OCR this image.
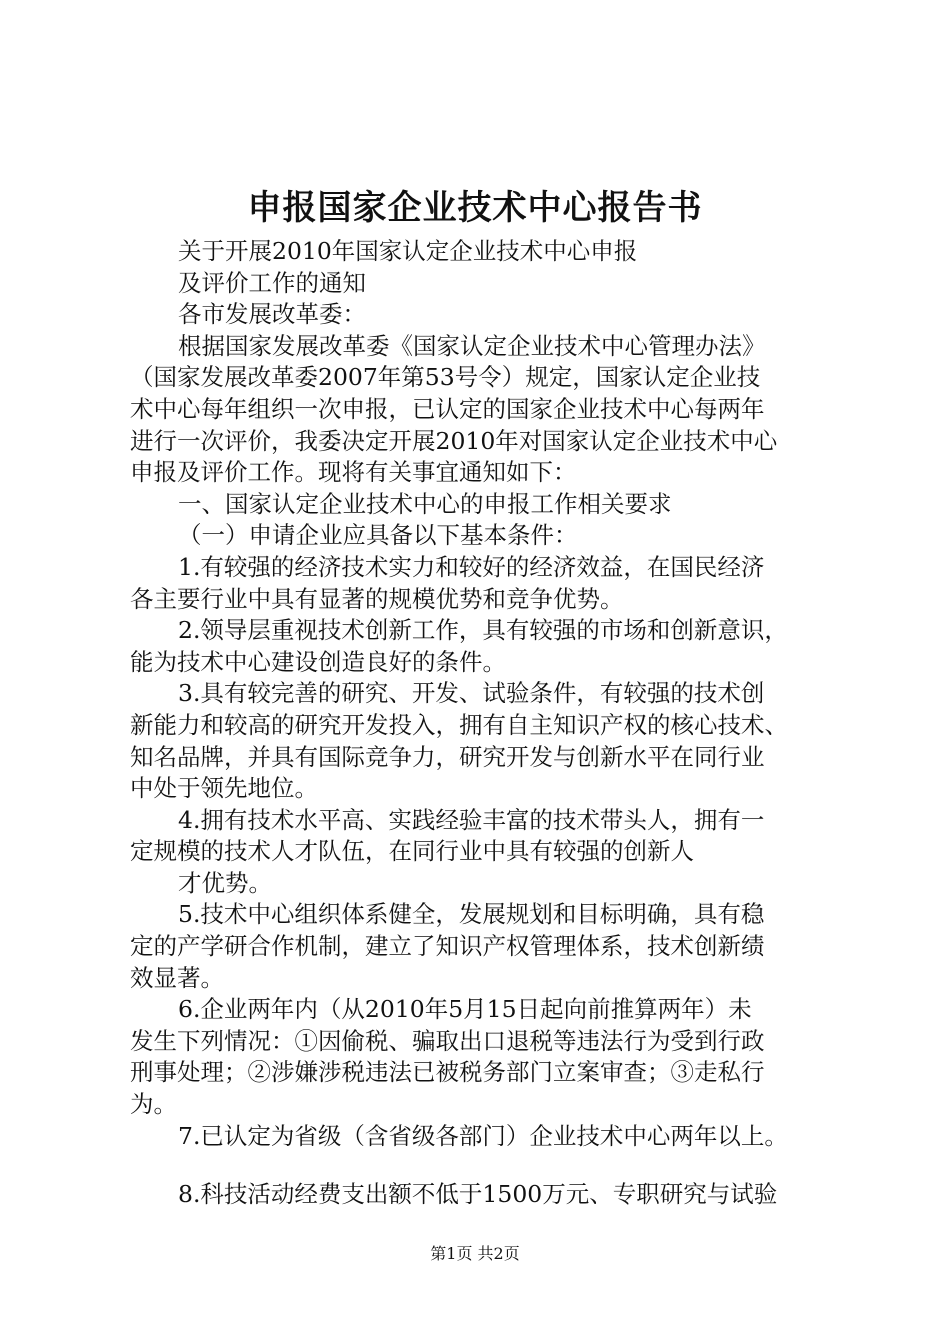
申报国家企业技术中心报告书
关于开展2010年国家认定企业技术中心申报
及评价工作的通知
各市发展改革委：
根据国家发展改革委《国家认定企业技术中心管理办法》
（国家发展改革委2007年第53号令）规定，国家认定企业技
术中心每年组织一次申报，已认定的国家企业技术中心每两年
进行一次评价，我委决定开展2010年对国家认定企业技术中心
申报及评价工作。现将有关事宜通知如下：
一、国家认定企业技术中心的申报工作相关要求
（一）申请企业应具备以下基本条件：
1.有较强的经济技术实力和较好的经济效益，在国民经济
各主要行业中具有显著的规模优势和竞争优势。
2.领导层重视技术创新工作，具有较强的市场和创新意识，
能为技术中心建设创造良好的条件。
3.具有较完善的研究、开发、试验条件，有较强的技术创
新能力和较高的研究开发投入，拥有自主知识产权的核心技术、
知名品牌，并具有国际竞争力，研究开发与创新水平在同行业
中处于领先地位。
4.拥有技术水平高、实践经验丰富的技术带头人，拥有一
定规模的技术人才队伍，在同行业中具有较强的创新人
才优势。
5.技术中心组织体系健全，发展规划和目标明确，具有稳
定的产学研合作机制，建立了知识产权管理体系，技术创新绩
效显著。
6.企业两年内（从2010年5月15日起向前推算两年）未
发生下列情况：①因偷税、骗取出口退税等违法行为受到行政
刑事处理；②涉嫌涉税违法已被税务部门立案审查；③走私行
为。
7.已认定为省级（含省级各部门）企业技术中心两年以上。
8.科技活动经费支出额不低于1500万元、专职研究与试验
第1页 共2页
